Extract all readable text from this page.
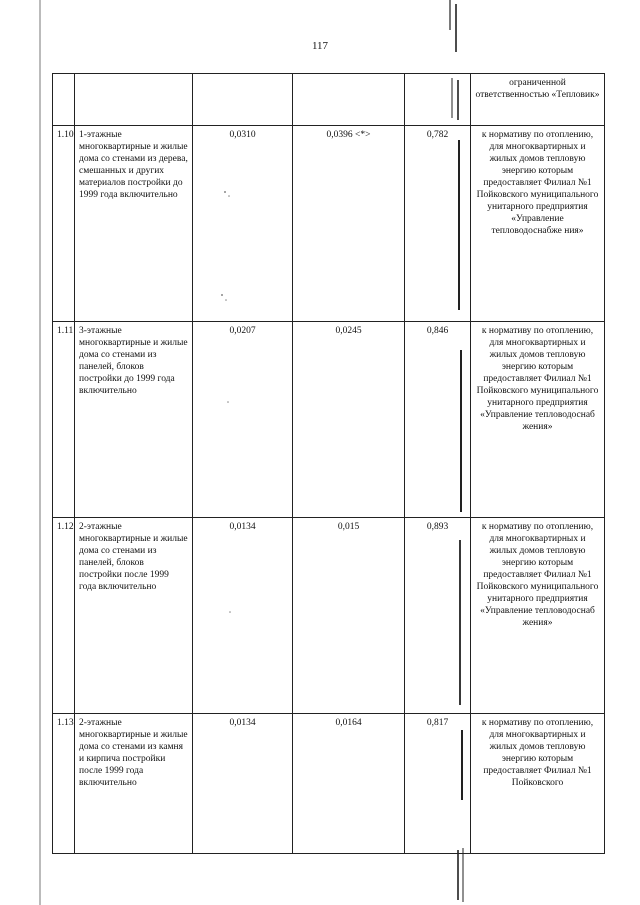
117
					ограниченной ответственностью «Тепловик»
1.10	1-этажные многоквартирные и жилые дома со стенами из дерева, смешанных и других материалов постройки до 1999 года включительно	0,0310	0,0396 <*>	0,782	к нормативу по отоплению, для многоквартирных и жилых домов тепловую энергию которым предоставляет Филиал №1 Пойковского муниципального унитарного предприятия «Управление тепловодоснабже ния»
1.11	3-этажные многоквартирные и жилые дома со стенами из панелей, блоков постройки до 1999 года включительно	0,0207	0,0245	0,846	к нормативу по отоплению, для многоквартирных и жилых домов тепловую энергию которым предоставляет Филиал №1 Пойковского муниципального унитарного предприятия «Управление тепловодоснаб жения»
1.12	2-этажные многоквартирные и жилые дома со стенами из панелей, блоков постройки после 1999 года включительно	0,0134	0,015	0,893	к нормативу по отоплению, для многоквартирных и жилых домов тепловую энергию которым предоставляет Филиал №1 Пойковского муниципального унитарного предприятия «Управление тепловодоснаб жения»
1.13	2-этажные многоквартирные и жилые дома со стенами из камня и кирпича постройки после 1999 года включительно	0,0134	0,0164	0,817	к нормативу по отоплению, для многоквартирных и жилых домов тепловую энергию которым предоставляет Филиал №1 Пойковского
